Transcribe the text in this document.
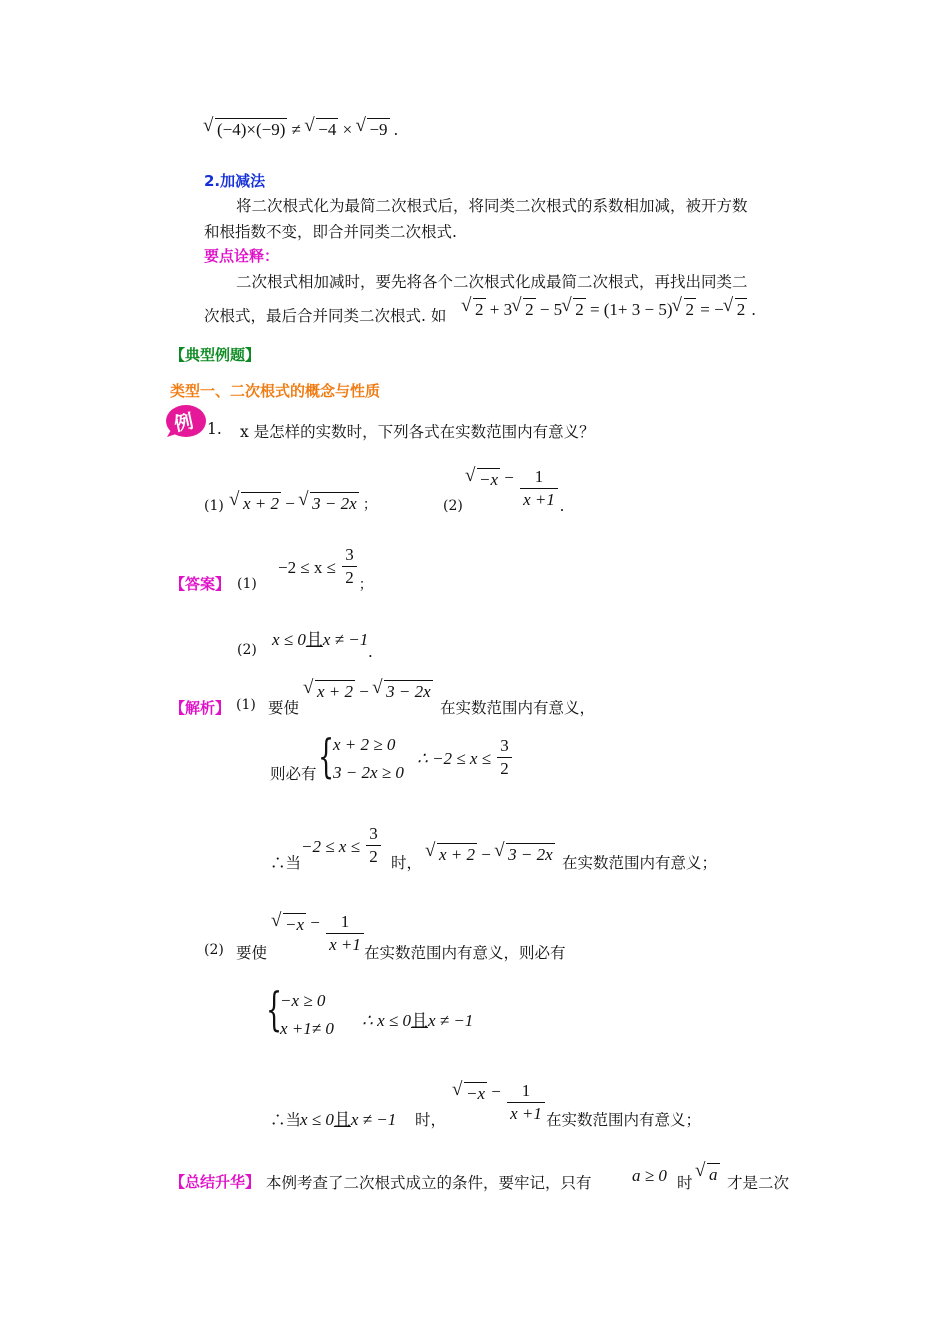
√ (−4)×(−9) ≠ √ −4 × √ −9 .
2.加减法
将二次根式化为最简二次根式后，将同类二次根式的系数相加减，被开方数
和根指数不变，即合并同类二次根式.
要点诠释：
二次根式相加减时，要先将各个二次根式化成最简二次根式，再找出同类二
次根式，最后合并同类二次根式. 如	√ 2 + 3 √ 2 − 5 √ 2 = (1+ 3 − 5) √ 2 = − √ 2 .
【典型例题】
类型一、二次根式的概念与性质
例 1. x 是怎样的实数时，下列各式在实数范围内有意义？
(1)	√ x + 2 − √ 3 − 2x ；	(2)
√ $-x - \frac{1}{x +1}$ .
【答案】 (1)
$-2 \le x \le \frac{3}{2} _;$
(2)
x ≤ 0且x ≠ −1.
【解析】 (1) 要使
√ x + 2 − √ 3 − 2x
在实数范围内有意义，
则必有 {
x + 2 ≥ 0
3 − 2x ≥ 0
∴ $-2 \le x \le \frac{3}{2}$
∴当
$-2 \le x \le \frac{3}{2}$ 时， √ x + 2 − √ 3 − 2x 在实数范围内有意义；
(2) 要使
√ $-x - \frac{1}{x +1}$ 在实数范围内有意义，则必有
{
−x ≥ 0
x +1≠ 0 ∴ x ≤ 0且x ≠ −1
∴当
x ≤ 0且x ≠ −1 时，
√ $-x - \frac{1}{x +1}$ 在实数范围内有意义；
【总结升华】 本例考查了二次根式成立的条件，要牢记，只有 a ≥ 0 时 √ a 才是二次
